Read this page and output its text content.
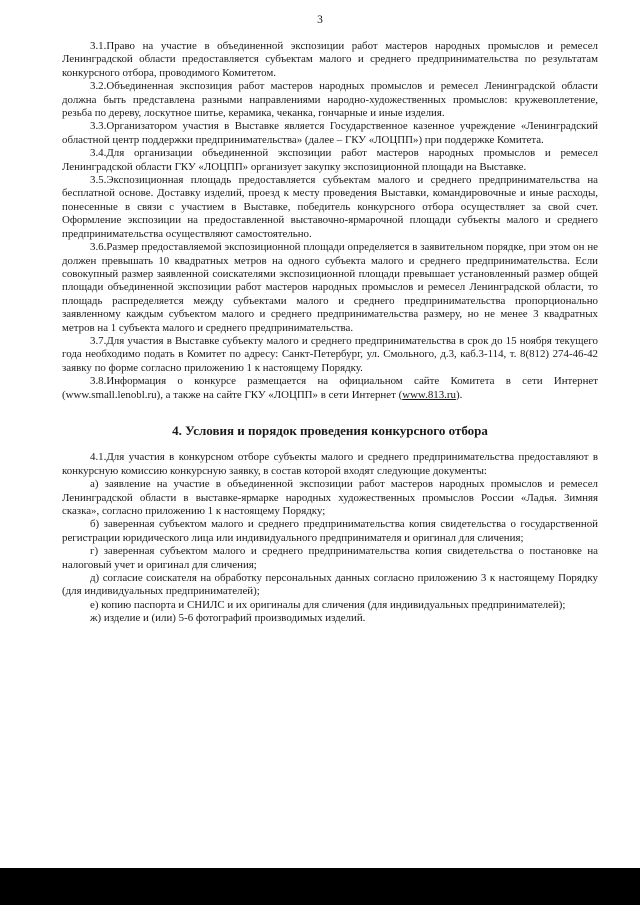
3

3.1.Право на участие в объединенной экспозиции работ мастеров народных промыслов и ремесел Ленинградской области предоставляется субъектам малого и среднего предпринимательства по результатам конкурсного отбора, проводимого Комитетом.

3.2.Объединенная экспозиция работ мастеров народных промыслов и ремесел Ленинградской области должна быть представлена разными направлениями народно-художественных промыслов: кружевоплетение, резьба по дереву, лоскутное шитье, керамика, чеканка, гончарные и иные изделия.

3.3.Организатором участия в Выставке является Государственное казенное учреждение «Ленинградский областной центр поддержки предпринимательства» (далее – ГКУ «ЛОЦПП») при поддержке Комитета.

3.4.Для организации объединенной экспозиции работ мастеров народных промыслов и ремесел Ленинградской области ГКУ «ЛОЦПП» организует закупку экспозиционной площади на Выставке.

3.5.Экспозиционная площадь предоставляется субъектам малого и среднего предпринимательства на бесплатной основе. Доставку изделий, проезд к месту проведения Выставки, командировочные и иные расходы, понесенные в связи с участием в Выставке, победитель конкурсного отбора осуществляет за свой счет. Оформление экспозиции на предоставленной выставочно-ярмарочной площади субъекты малого и среднего предпринимательства осуществляют самостоятельно.

3.6.Размер предоставляемой экспозиционной площади определяется в заявительном порядке, при этом он не должен превышать 10 квадратных метров на одного субъекта малого и среднего предпринимательства. Если совокупный размер заявленной соискателями экспозиционной площади превышает установленный размер общей площади объединенной экспозиции работ мастеров народных промыслов и ремесел Ленинградской области, то площадь распределяется между субъектами малого и среднего предпринимательства пропорционально заявленному каждым субъектом малого и среднего предпринимательства размеру, но не менее 3 квадратных метров на 1 субъекта малого и среднего предпринимательства.

3.7.Для участия в Выставке субъекту малого и среднего предпринимательства в срок до 15 ноября текущего года необходимо подать в Комитет по адресу: Санкт-Петербург, ул. Смольного, д.3, каб.3-114, т. 8(812) 274-46-42 заявку по форме согласно приложению 1 к настоящему Порядку.

3.8.Информация о конкурсе размещается на официальном сайте Комитета в сети Интернет (www.small.lenobl.ru), а также на сайте ГКУ «ЛОЦПП» в сети Интернет (www.813.ru).

4. Условия и порядок проведения конкурсного отбора

4.1.Для участия в конкурсном отборе субъекты малого и среднего предпринимательства предоставляют в конкурсную комиссию конкурсную заявку, в состав которой входят следующие документы:

а) заявление на участие в объединенной экспозиции работ мастеров народных промыслов и ремесел Ленинградской области в выставке-ярмарке народных художественных промыслов России «Ладья. Зимняя сказка», согласно приложению 1 к настоящему Порядку;

б) заверенная субъектом малого и среднего предпринимательства копия свидетельства о государственной регистрации юридического лица или индивидуального предпринимателя и оригинал для сличения;

г) заверенная субъектом малого и среднего предпринимательства копия свидетельства о постановке на налоговый учет и оригинал для сличения;

д) согласие соискателя на обработку персональных данных согласно приложению 3 к настоящему Порядку (для индивидуальных предпринимателей);

е) копию паспорта и СНИЛС и их оригиналы для сличения (для индивидуальных предпринимателей);

ж) изделие и (или) 5-6 фотографий производимых изделий.
